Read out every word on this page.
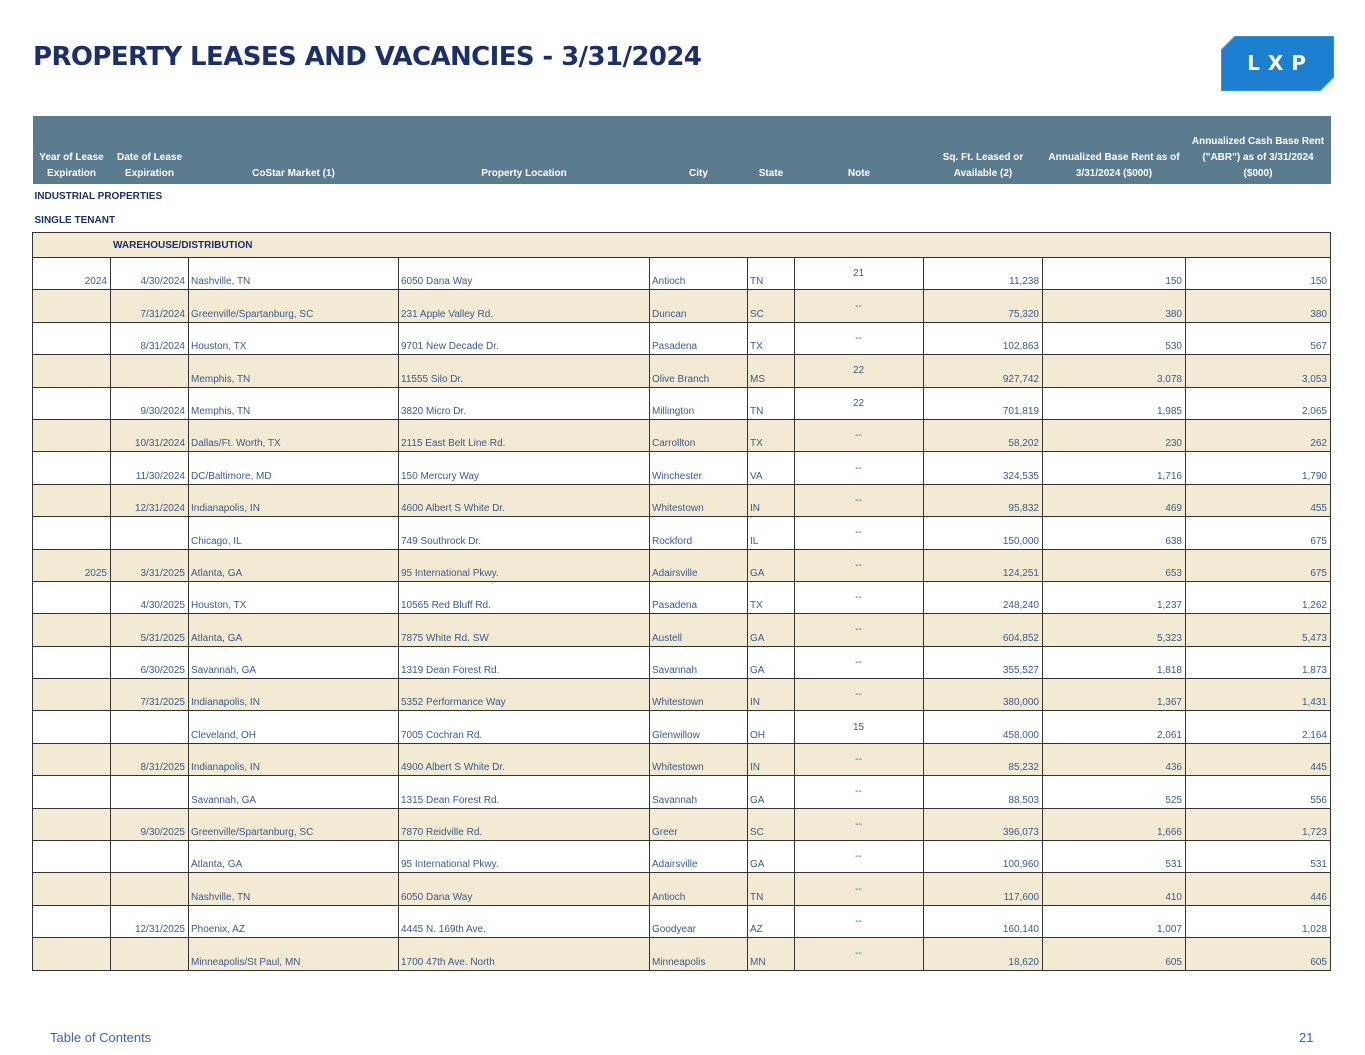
PROPERTY LEASES AND VACANCIES - 3/31/2024	LXP
Year of Lease Expiration	Date of Lease Expiration	CoStar Market (1)	Property Location	City	State	Note	Sq. Ft. Leased or Available (2)	Annualized Base Rent as of 3/31/2024 ($000)	Annualized Cash Base Rent ("ABR") as of 3/31/2024 ($000)
INDUSTRIAL PROPERTIES									
SINGLE TENANT									
WAREHOUSE/DISTRIBUTION									
2024	4/30/2024	Nashville, TN	6050 Dana Way	Antioch	TN	21	11,238	150	150
	7/31/2024	Greenville/Spartanburg, SC	231 Apple Valley Rd.	Duncan	SC	--	75,320	380	380
	8/31/2024	Houston, TX	9701 New Decade Dr.	Pasadena	TX	--	102,863	530	567
		Memphis, TN	11555 Silo Dr.	Olive Branch	MS	22	927,742	3,078	3,053
	9/30/2024	Memphis, TN	3820 Micro Dr.	Millington	TN	22	701,819	1,985	2,065
	10/31/2024	Dallas/Ft. Worth, TX	2115 East Belt Line Rd.	Carrollton	TX	--	58,202	230	262
	11/30/2024	DC/Baltimore, MD	150 Mercury Way	Winchester	VA	--	324,535	1,716	1,790
	12/31/2024	Indianapolis, IN	4600 Albert S White Dr.	Whitestown	IN	--	95,832	469	455
		Chicago, IL	749 Southrock Dr.	Rockford	IL	--	150,000	638	675
2025	3/31/2025	Atlanta, GA	95 International Pkwy.	Adairsville	GA	--	124,251	653	675
	4/30/2025	Houston, TX	10565 Red Bluff Rd.	Pasadena	TX	--	248,240	1,237	1,262
	5/31/2025	Atlanta, GA	7875 White Rd. SW	Austell	GA	--	604,852	5,323	5,473
	6/30/2025	Savannah, GA	1319 Dean Forest Rd.	Savannah	GA	--	355,527	1,818	1,873
	7/31/2025	Indianapolis, IN	5352 Performance Way	Whitestown	IN	--	380,000	1,367	1,431
		Cleveland, OH	7005 Cochran Rd.	Glenwillow	OH	15	458,000	2,061	2,164
	8/31/2025	Indianapolis, IN	4900 Albert S White Dr.	Whitestown	IN	--	85,232	436	445
		Savannah, GA	1315 Dean Forest Rd.	Savannah	GA	--	88,503	525	556
	9/30/2025	Greenville/Spartanburg, SC	7870 Reidville Rd.	Greer	SC	--	396,073	1,666	1,723
		Atlanta, GA	95 International Pkwy.	Adairsville	GA	--	100,960	531	531
		Nashville, TN	6050 Dana Way	Antioch	TN	--	117,600	410	446
	12/31/2025	Phoenix, AZ	4445 N. 169th Ave.	Goodyear	AZ	--	160,140	1,007	1,028
		Minneapolis/St Paul, MN	1700 47th Ave. North	Minneapolis	MN	--	18,620	605	605
Table of Contents	21
